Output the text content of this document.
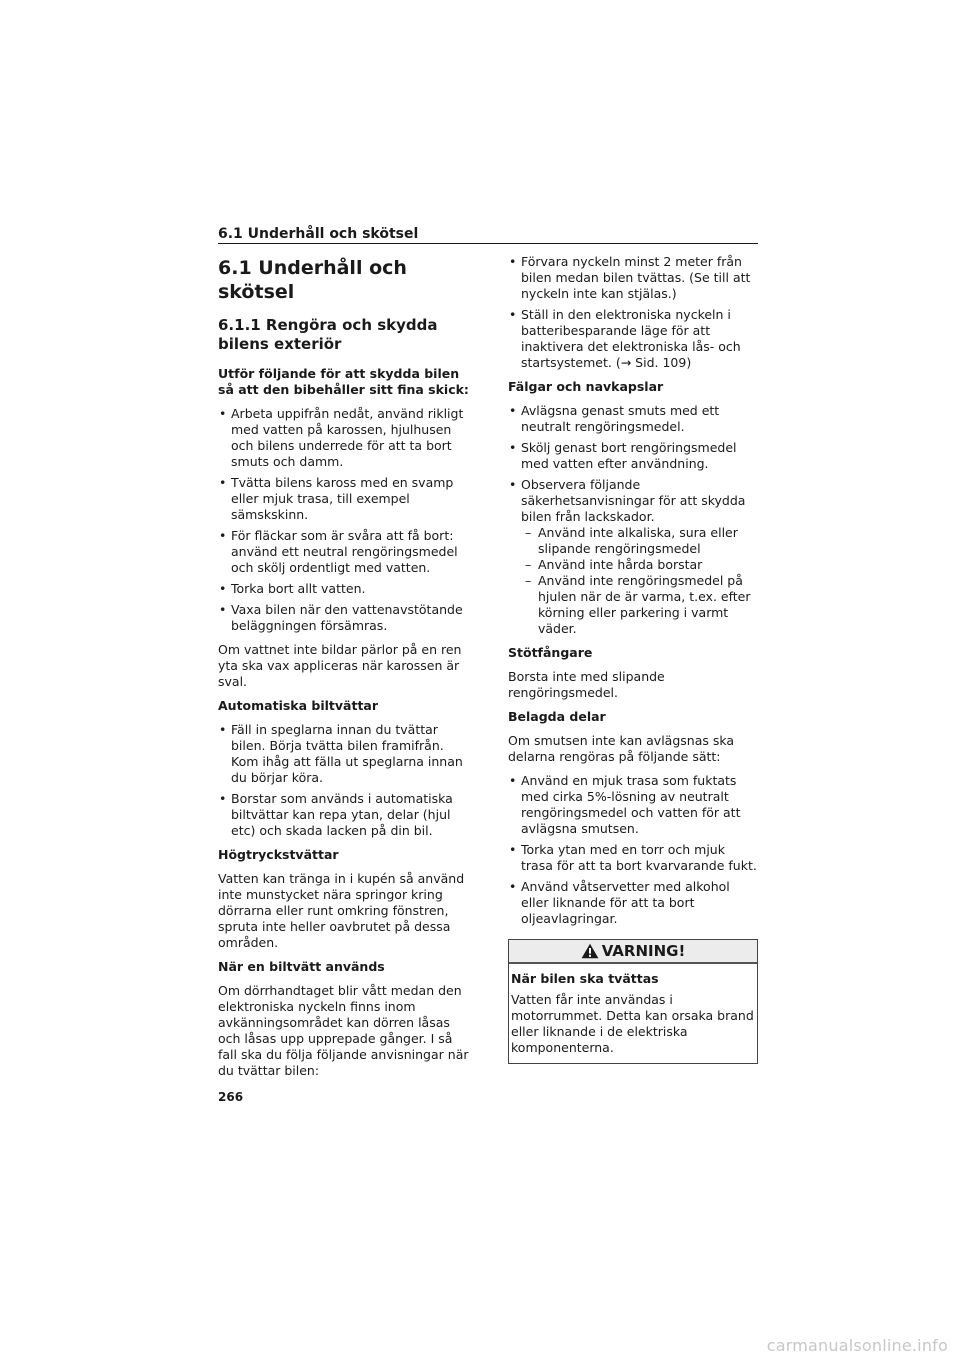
6.1 Underhåll och skötsel
6.1 Underhåll och skötsel
6.1.1 Rengöra och skydda bilens exteriör

Utför följande för att skydda bilen så att den bibehåller sitt fina skick:

• Arbeta uppifrån nedåt, använd rikligt med vatten på karossen, hjulhusen och bilens underrede för att ta bort smuts och damm.
• Tvätta bilens kaross med en svamp eller mjuk trasa, till exempel sämskskinn.
• För fläckar som är svåra att få bort: använd ett neutral rengöringsmedel och skölj ordentligt med vatten.
• Torka bort allt vatten.
• Vaxa bilen när den vattenavstötande beläggningen försämras.

Om vattnet inte bildar pärlor på en ren yta ska vax appliceras när karossen är sval.

Automatiska biltvättar

• Fäll in speglarna innan du tvättar bilen. Börja tvätta bilen framifrån. Kom ihåg att fälla ut speglarna innan du börjar köra.
• Borstar som används i automatiska biltvättar kan repa ytan, delar (hjul etc) och skada lacken på din bil.

Högtryckstvättar

Vatten kan tränga in i kupén så använd inte munstycket nära springor kring dörrarna eller runt omkring fönstren, spruta inte heller oavbrutet på dessa områden.

När en biltvätt används

Om dörrhandtaget blir vått medan den elektroniska nyckeln finns inom avkänningsområdet kan dörren låsas och låsas upp upprepade gånger. I så fall ska du följa följande anvisningar när du tvättar bilen:

• Förvara nyckeln minst 2 meter från bilen medan bilen tvättas. (Se till att nyckeln inte kan stjälas.)
• Ställ in den elektroniska nyckeln i batteribesparande läge för att inaktivera det elektroniska lås- och startsystemet. (→ Sid. 109)

Fälgar och navkapslar

• Avlägsna genast smuts med ett neutralt rengöringsmedel.
• Skölj genast bort rengöringsmedel med vatten efter användning.
• Observera följande säkerhetsanvisningar för att skydda bilen från lackskador.
– Använd inte alkaliska, sura eller slipande rengöringsmedel
– Använd inte hårda borstar
– Använd inte rengöringsmedel på hjulen när de är varma, t.ex. efter körning eller parkering i varmt väder.

Stötfångare

Borsta inte med slipande rengöringsmedel.

Belagda delar

Om smutsen inte kan avlägsnas ska delarna rengöras på följande sätt:

• Använd en mjuk trasa som fuktats med cirka 5%-lösning av neutralt rengöringsmedel och vatten för att avlägsna smutsen.
• Torka ytan med en torr och mjuk trasa för att ta bort kvarvarande fukt.
• Använd våtservetter med alkohol eller liknande för att ta bort oljeavlagringar.
VARNING!

När bilen ska tvättas

Vatten får inte användas i motorrummet. Detta kan orsaka brand eller liknande i de elektriska komponenterna.

266
carmanualsonline.info
